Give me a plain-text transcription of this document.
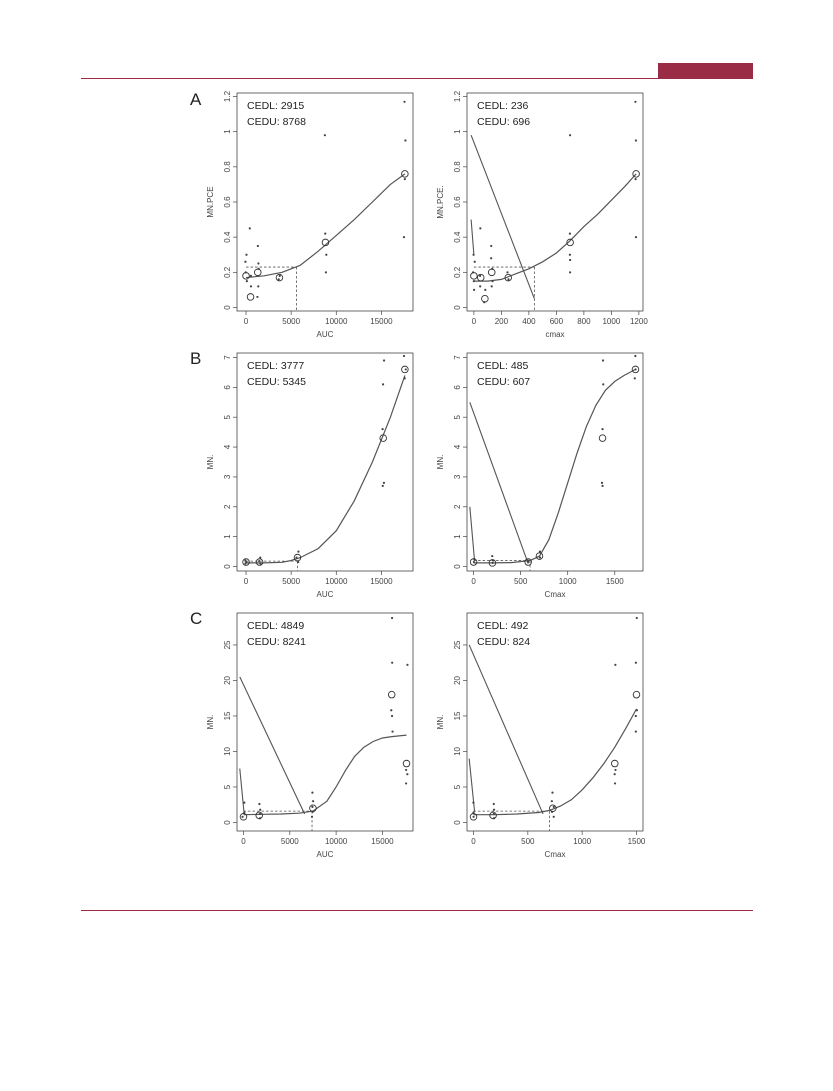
A
B
C
0	5000	10000	15000
0
0.2
0.4
0.6
0.8
1
1.2
AUC
MN.PCE
CEDL: 2915
CEDU: 8768
0 200 400 600 800 1000 1200
0
0.2
0.4
0.6
0.8
1
1.2
cmax
MN.PCE.
CEDL: 236
CEDU: 696
0	5000	10000	15000
0
1
2
3
4
5
6
7
AUC
MN.
CEDL: 3777
CEDU: 5345
0	500	1000	1500
0
1
2
3
4
5
6
7
Cmax
MN.
CEDL: 485
CEDU: 607
0	5000	10000	15000
0
5
10
15
20
25
AUC
MN.
CEDL: 4849
CEDU: 8241
0	500	1000	1500
0
5
10
15
20
25
Cmax
MN.
CEDL: 492
CEDU: 824
